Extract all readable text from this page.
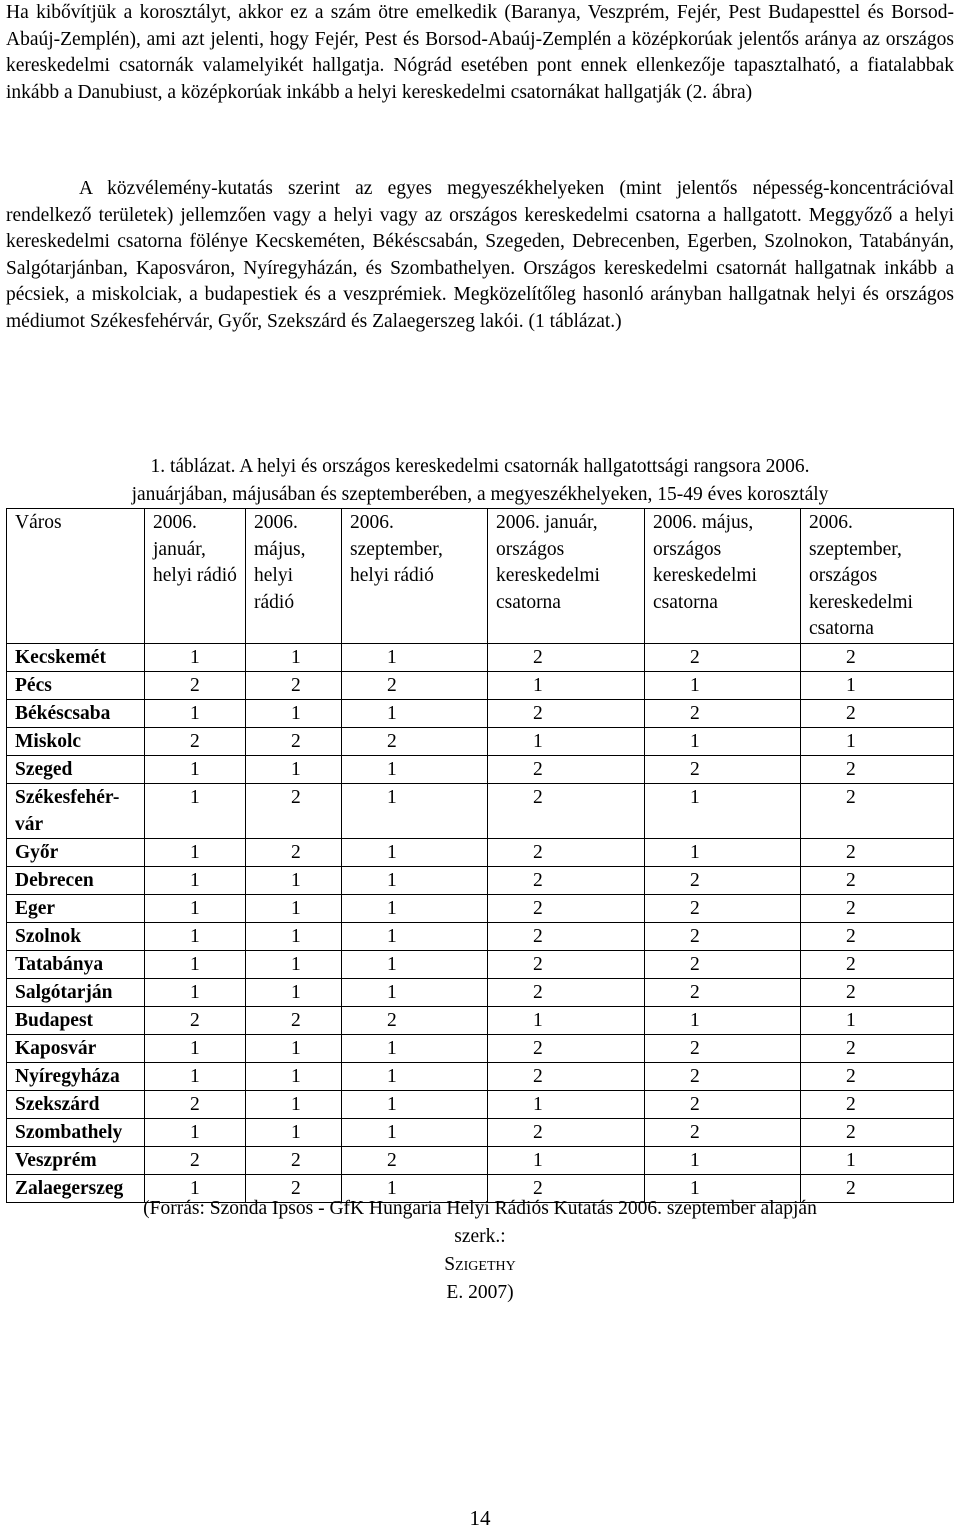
Ha kibővítjük a korosztályt, akkor ez a szám ötre emelkedik (Baranya, Veszprém, Fejér, Pest Budapesttel és Borsod-Abaúj-Zemplén), ami azt jelenti, hogy Fejér, Pest és Borsod-Abaúj-Zemplén a középkorúak jelentős aránya az országos kereskedelmi csatornák valamelyikét hallgatja. Nógrád esetében pont ennek ellenkezője tapasztalható, a fiatalabbak inkább a Danubiust, a középkorúak inkább a helyi kereskedelmi csatornákat hallgatják (2. ábra)

A közvélemény-kutatás szerint az egyes megyeszékhelyeken (mint jelentős népesség-koncentrációval rendelkező területek) jellemzően vagy a helyi vagy az országos kereskedelmi csatorna a hallgatott. Meggyőző a helyi kereskedelmi csatorna fölénye Kecskeméten, Békéscsabán, Szegeden, Debrecenben, Egerben, Szolnokon, Tatabányán, Salgótarjánban, Kaposváron, Nyíregyházán, és Szombathelyen. Országos kereskedelmi csatornát hallgatnak inkább a pécsiek, a miskolciak, a budapestiek és a veszprémiek. Megközelítőleg hasonló arányban hallgatnak helyi és országos médiumot Székesfehérvár, Győr, Szekszárd és Zalaegerszeg lakói. (1 táblázat.)

1. táblázat. A helyi és országos kereskedelmi csatornák hallgatottsági rangsora 2006.
januárjában, májusában és szeptemberében, a megyeszékhelyeken, 15-49 éves korosztály

Város	2006. január, helyi rádió	2006. május, helyi rádió	2006. szeptember, helyi rádió	2006. január, országos kereskedelmi csatorna	2006. május, országos kereskedelmi csatorna	2006. szeptember, országos kereskedelmi csatorna
Kecskemét	1	1	1	2	2	2
Pécs	2	2	2	1	1	1
Békéscsaba	1	1	1	2	2	2
Miskolc	2	2	2	1	1	1
Szeged	1	1	1	2	2	2
Székesfehér-vár	1	2	1	2	1	2
Győr	1	2	1	2	1	2
Debrecen	1	1	1	2	2	2
Eger	1	1	1	2	2	2
Szolnok	1	1	1	2	2	2
Tatabánya	1	1	1	2	2	2
Salgótarján	1	1	1	2	2	2
Budapest	2	2	2	1	1	1
Kaposvár	1	1	1	2	2	2
Nyíregyháza	1	1	1	2	2	2
Szekszárd	2	1	1	1	2	2
Szombathely	1	1	1	2	2	2
Veszprém	2	2	2	1	1	1
Zalaegerszeg	1	2	1	2	1	2

(Forrás: Szonda Ipsos - GfK Hungaria Helyi Rádiós Kutatás 2006. szeptember alapján
szerk.:
Szigethy
E. 2007)

14
